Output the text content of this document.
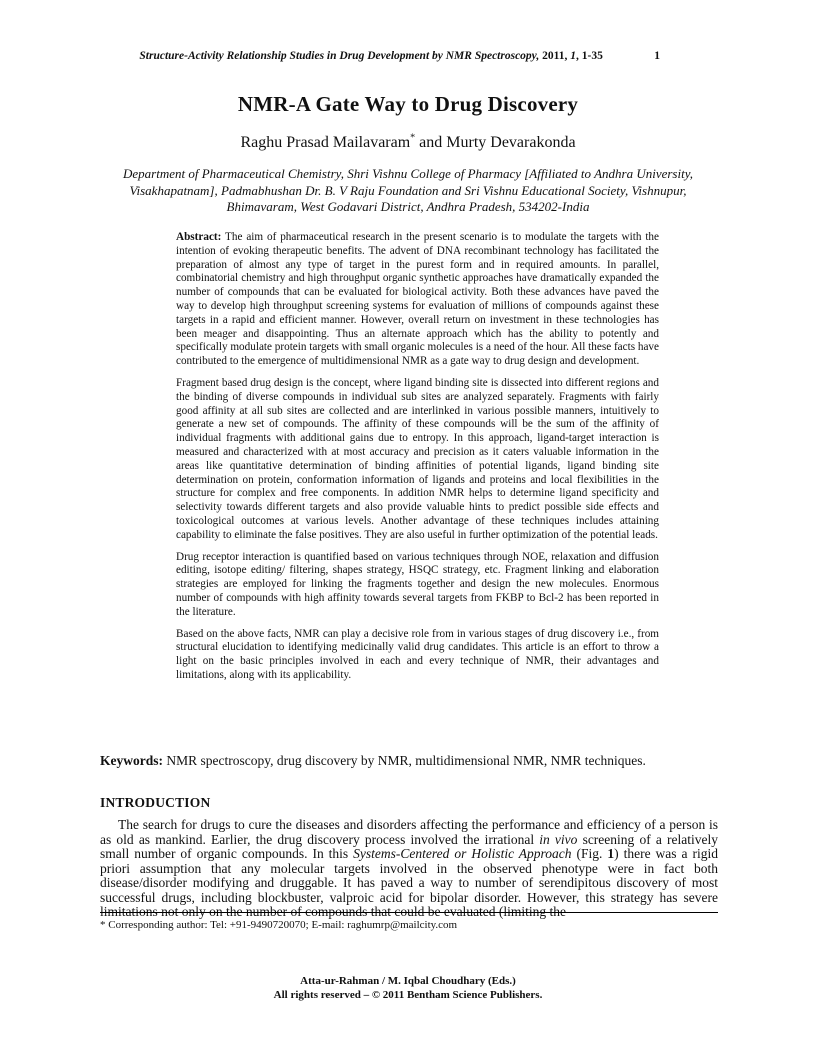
Structure-Activity Relationship Studies in Drug Development by NMR Spectroscopy, 2011, 1, 1-35	1
NMR-A Gate Way to Drug Discovery
Raghu Prasad Mailavaram* and Murty Devarakonda
Department of Pharmaceutical Chemistry, Shri Vishnu College of Pharmacy [Affiliated to Andhra University, Visakhapatnam], Padmabhushan Dr. B. V Raju Foundation and Sri Vishnu Educational Society, Vishnupur, Bhimavaram, West Godavari District, Andhra Pradesh, 534202-India

Abstract: The aim of pharmaceutical research in the present scenario is to modulate the targets with the intention of evoking therapeutic benefits. The advent of DNA recombinant technology has facilitated the preparation of almost any type of target in the purest form and in required amounts. In parallel, combinatorial chemistry and high throughput organic synthetic approaches have dramatically expanded the number of compounds that can be evaluated for biological activity. Both these advances have paved the way to develop high throughput screening systems for evaluation of millions of compounds against these targets in a rapid and efficient manner. However, overall return on investment in these technologies has been meager and disappointing. Thus an alternate approach which has the ability to potently and specifically modulate protein targets with small organic molecules is a need of the hour. All these facts have contributed to the emergence of multidimensional NMR as a gate way to drug design and development.

Fragment based drug design is the concept, where ligand binding site is dissected into different regions and the binding of diverse compounds in individual sub sites are analyzed separately. Fragments with fairly good affinity at all sub sites are collected and are interlinked in various possible manners, intuitively to generate a new set of compounds. The affinity of these compounds will be the sum of the affinity of individual fragments with additional gains due to entropy. In this approach, ligand-target interaction is measured and characterized with at most accuracy and precision as it caters valuable information in the areas like quantitative determination of binding affinities of potential ligands, ligand binding site determination on protein, conformation information of ligands and proteins and local flexibilities in the structure for complex and free components. In addition NMR helps to determine ligand specificity and selectivity towards different targets and also provide valuable hints to predict possible side effects and toxicological outcomes at various levels. Another advantage of these techniques includes attaining capability to eliminate the false positives. They are also useful in further optimization of the potential leads.

Drug receptor interaction is quantified based on various techniques through NOE, relaxation and diffusion editing, isotope editing/ filtering, shapes strategy, HSQC strategy, etc. Fragment linking and elaboration strategies are employed for linking the fragments together and design the new molecules. Enormous number of compounds with high affinity towards several targets from FKBP to Bcl-2 has been reported in the literature.

Based on the above facts, NMR can play a decisive role from in various stages of drug discovery i.e., from structural elucidation to identifying medicinally valid drug candidates. This article is an effort to throw a light on the basic principles involved in each and every technique of NMR, their advantages and limitations, along with its applicability.

Keywords: NMR spectroscopy, drug discovery by NMR, multidimensional NMR, NMR techniques.
INTRODUCTION

The search for drugs to cure the diseases and disorders affecting the performance and efficiency of a person is as old as mankind. Earlier, the drug discovery process involved the irrational in vivo screening of a relatively small number of organic compounds. In this Systems-Centered or Holistic Approach (Fig. 1) there was a rigid priori assumption that any molecular targets involved in the observed phenotype were in fact both disease/disorder modifying and druggable. It has paved a way to number of serendipitous discovery of most successful drugs, including blockbuster, valproic acid for bipolar disorder. However, this strategy has severe limitations not only on the number of compounds that could be evaluated (limiting the

* Corresponding author: Tel: +91-9490720070; E-mail: raghumrp@mailcity.com
Atta-ur-Rahman / M. Iqbal Choudhary (Eds.)
All rights reserved – © 2011 Bentham Science Publishers.
